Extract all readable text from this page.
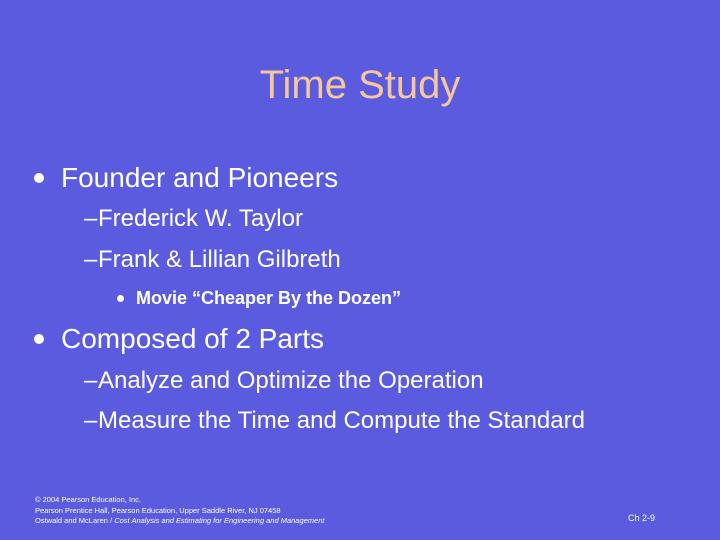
Time Study
Founder and Pioneers
–Frederick W. Taylor
–Frank & Lillian Gilbreth
Movie “Cheaper By the Dozen”
Composed of 2 Parts
–Analyze and Optimize the Operation
–Measure the Time and Compute the Standard
© 2004 Pearson Education, Inc.
Pearson Prentice Hall, Pearson Education, Upper Saddle River, NJ 07458
Ostwald and McLaren / Cost Analysis and Estimating for Engineering and Management	Ch 2-9
